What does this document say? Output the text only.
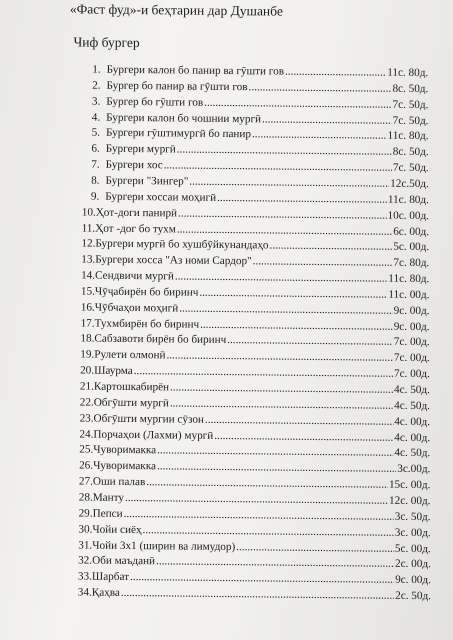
«Фаст фуд»-и беҳтарин дар Душанбе
Чиф бургер
1. Бургери калон бо панир ва гӯшти гов .....	11с. 80д.
2. Бургер бо панир ва гӯшти гов .....	8с. 50д.
3. Бургер бо гӯшти гов .....	7с. 50д.
4. Бургери калон бо чошнии мургӣ .....	7с. 50д.
5. Бургери гӯштимургӣ бо панир .....	11с. 80д.
6. Бургери мургӣ .....	8с. 50д.
7. Бургери хос .....	7с. 50д.
8. Бургери "Зингер" .....	12с.50д.
9. Бургери хоссаи моҳигӣ .....	11с. 80д.
10. Ҳот-доги панирӣ .....	10с. 00д.
11. Ҳот -дог бо тухм .....	6с. 00д.
12. Бургери мургӣ бо хушбӯйкунандаҳо .....	5с. 00д.
13. Бургери хосса "Аз номи Сардор" .....	7с. 80д.
14. Сендвичи мургӣ .....	11с. 80д.
15. Чӯҷабирён бо биринч .....	11с. 00д.
16. Чӯбчаҳои моҳигӣ .....	9с. 00д.
17. Тухмбирён бо биринч .....	9с. 00д.
18. Сабзавоти бирён бо биринч .....	7с. 00д.
19. Рулети олмонӣ .....	7с. 00д.
20. Шаурма .....	7с. 00д.
21. Картошкабирён .....	4с. 50д.
22. Обгӯшти мургӣ .....	4с. 50д.
23. Обгӯшти мургии сӯзон .....	4с. 00д.
24. Порчаҳои (Лахми) мургӣ .....	4с. 00д.
25. Чуворимакка .....	4с. 50д.
26. Чуворимакка .....	3с.00д.
27. Оши палав .....	15с. 00д.
28. Манту .....	12с. 00д.
29. Пепси .....	3с. 50д.
30. Чойи сиёҳ .....	3с. 00д.
31. Чойи 3х1 (ширин ва лимудор) .....	5с. 00д.
32. Оби маъданӣ .....	2с. 00д.
33. Шарбат .....	9с. 00д.
34. Қаҳва .....	2с. 50д.
